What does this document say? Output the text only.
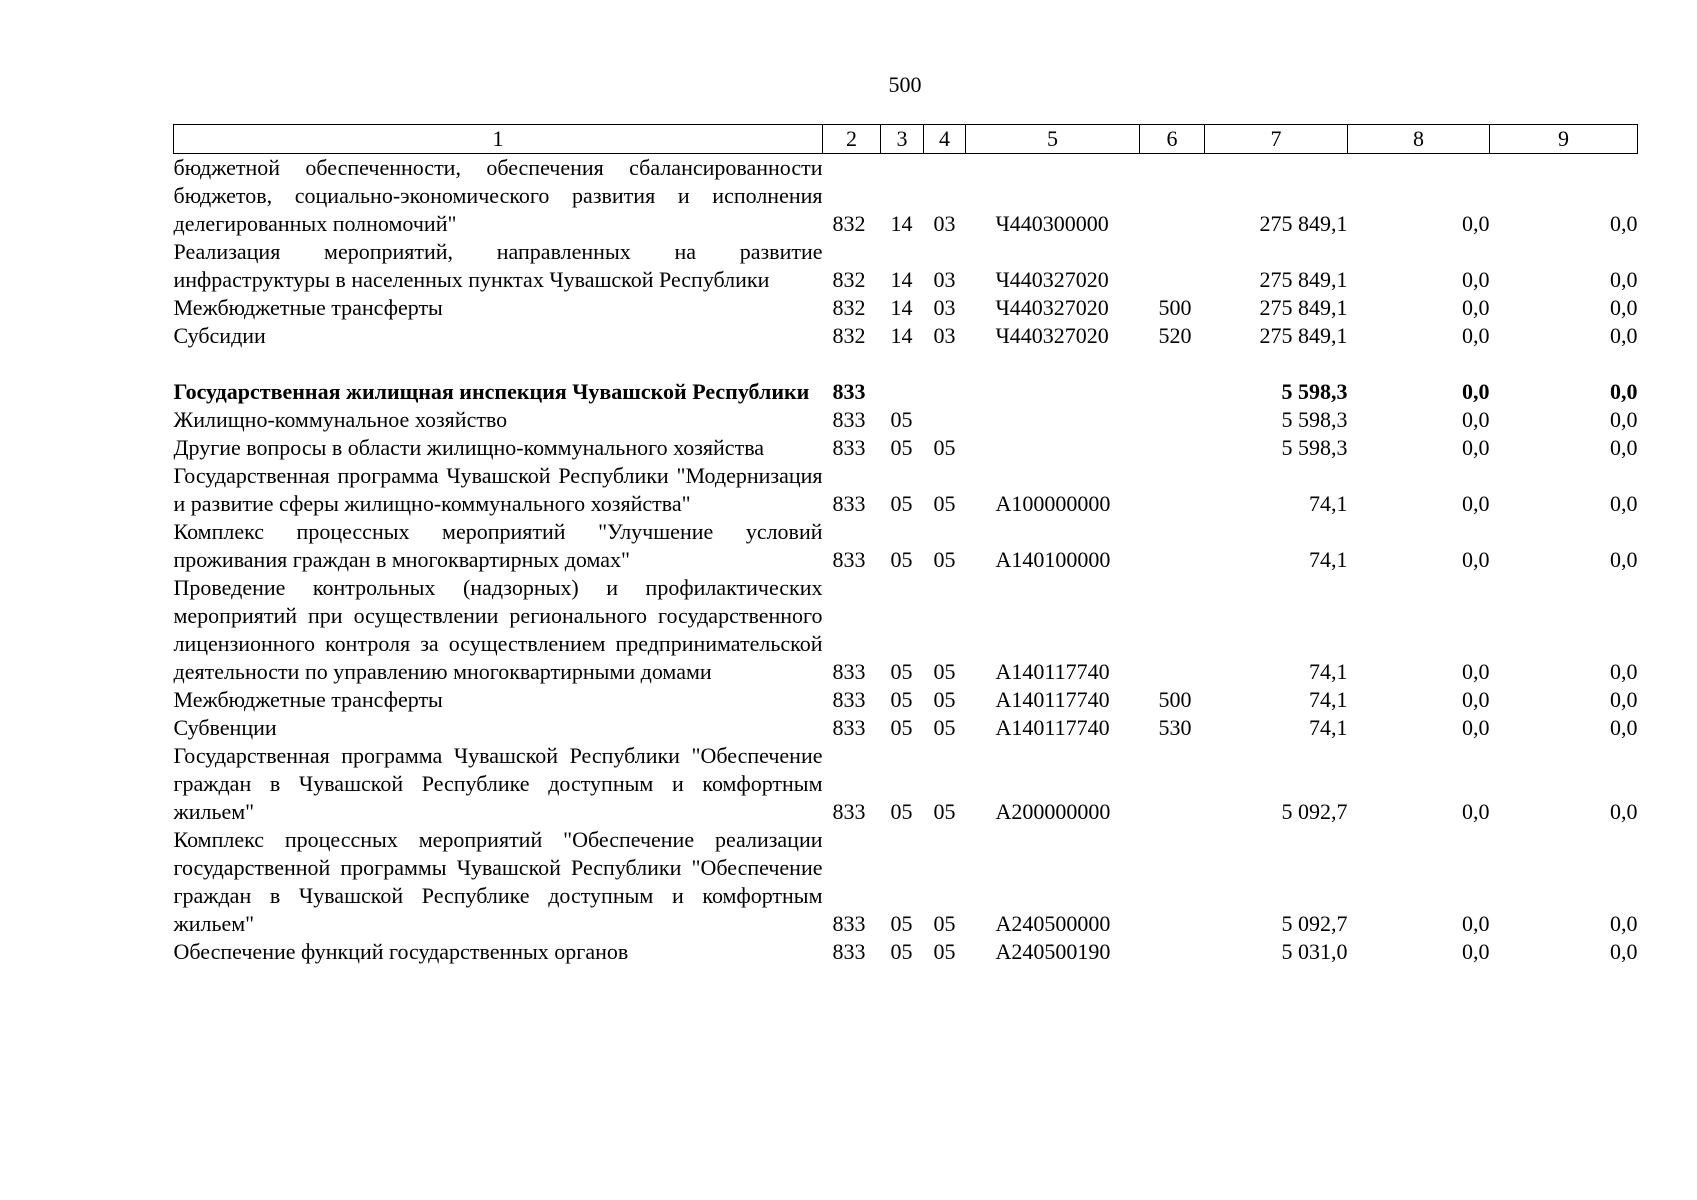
500
1	2	3	4	5	6	7	8	9
бюджетной обеспеченности, обеспечения сбалансированности бюджетов, социально-экономического развития и исполнения делегированных полномочий"	832	14	03	Ч440300000		275 849,1	0,0	0,0
Реализация мероприятий, направленных на развитие инфраструктуры в населенных пунктах Чувашской Республики	832	14	03	Ч440327020		275 849,1	0,0	0,0
Межбюджетные трансферты	832	14	03	Ч440327020	500	275 849,1	0,0	0,0
Субсидии	832	14	03	Ч440327020	520	275 849,1	0,0	0,0

Государственная жилищная инспекция Чувашской Республики	833					5 598,3	0,0	0,0
Жилищно-коммунальное хозяйство	833	05				5 598,3	0,0	0,0
Другие вопросы в области жилищно-коммунального хозяйства	833	05	05			5 598,3	0,0	0,0
Государственная программа Чувашской Республики "Модернизация и развитие сферы жилищно-коммунального хозяйства"	833	05	05	A100000000		74,1	0,0	0,0
Комплекс процессных мероприятий "Улучшение условий проживания граждан в многоквартирных домах"	833	05	05	A140100000		74,1	0,0	0,0
Проведение контрольных (надзорных) и профилактических мероприятий при осуществлении регионального государственного лицензионного контроля за осуществлением предпринимательской деятельности по управлению многоквартирными домами	833	05	05	A140117740		74,1	0,0	0,0
Межбюджетные трансферты	833	05	05	A140117740	500	74,1	0,0	0,0
Субвенции	833	05	05	A140117740	530	74,1	0,0	0,0
Государственная программа Чувашской Республики "Обеспечение граждан в Чувашской Республике доступным и комфортным жильем"	833	05	05	A200000000		5 092,7	0,0	0,0
Комплекс процессных мероприятий "Обеспечение реализации государственной программы Чувашской Республики "Обеспечение граждан в Чувашской Республике доступным и комфортным жильем"	833	05	05	A240500000		5 092,7	0,0	0,0
Обеспечение функций государственных органов	833	05	05	A240500190		5 031,0	0,0	0,0
